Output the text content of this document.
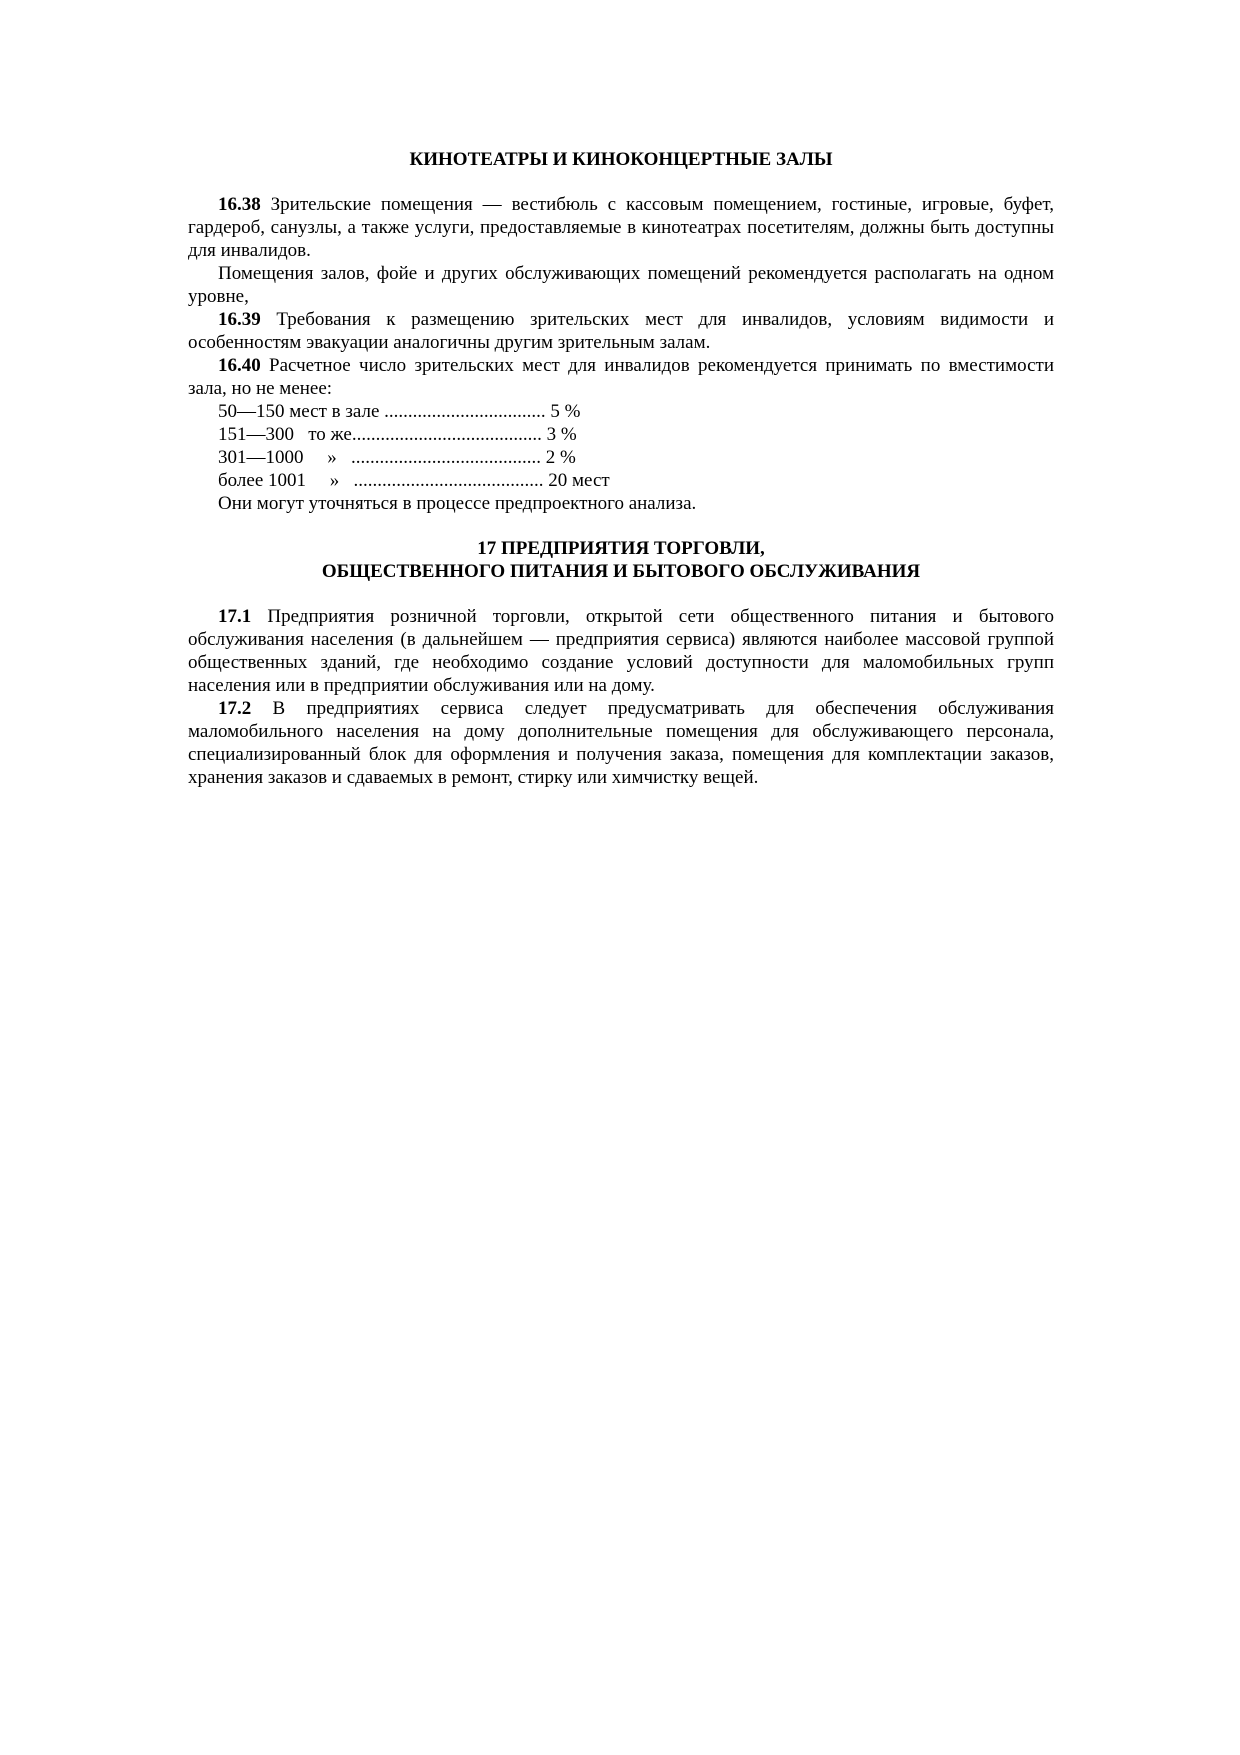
КИНОТЕАТРЫ И КИНОКОНЦЕРТНЫЕ ЗАЛЫ

16.38 Зрительские помещения — вестибюль с кассовым помещением, гостиные, игровые, буфет, гардероб, санузлы, а также услуги, предоставляемые в кинотеатрах посетителям, должны быть доступны для инвалидов.

Помещения залов, фойе и других обслуживающих помещений рекомендуется располагать на одном уровне,

16.39 Требования к размещению зрительских мест для инвалидов, условиям видимости и особенностям эвакуации аналогичны другим зрительным залам.

16.40 Расчетное число зрительских мест для инвалидов рекомендуется принимать по вместимости зала, но не менее:

50—150 мест в зале .................................. 5 %
151—300   то же........................................ 3 %
301—1000     »   ........................................ 2 %
более 1001     »   ........................................ 20 мест

Они могут уточняться в процессе предпроектного анализа.

17 ПРЕДПРИЯТИЯ ТОРГОВЛИ,
ОБЩЕСТВЕННОГО ПИТАНИЯ И БЫТОВОГО ОБСЛУЖИВАНИЯ

17.1 Предприятия розничной торговли, открытой сети общественного питания и бытового обслуживания населения (в дальнейшем — предприятия сервиса) являются наиболее массовой группой общественных зданий, где необходимо создание условий доступности для маломобильных групп населения или в предприятии обслуживания или на дому.

17.2 В предприятиях сервиса следует предусматривать для обеспечения обслуживания маломобильного населения на дому дополнительные помещения для обслуживающего персонала, специализированный блок для оформления и получения заказа, помещения для комплектации заказов, хранения заказов и сдаваемых в ремонт, стирку или химчистку вещей.
